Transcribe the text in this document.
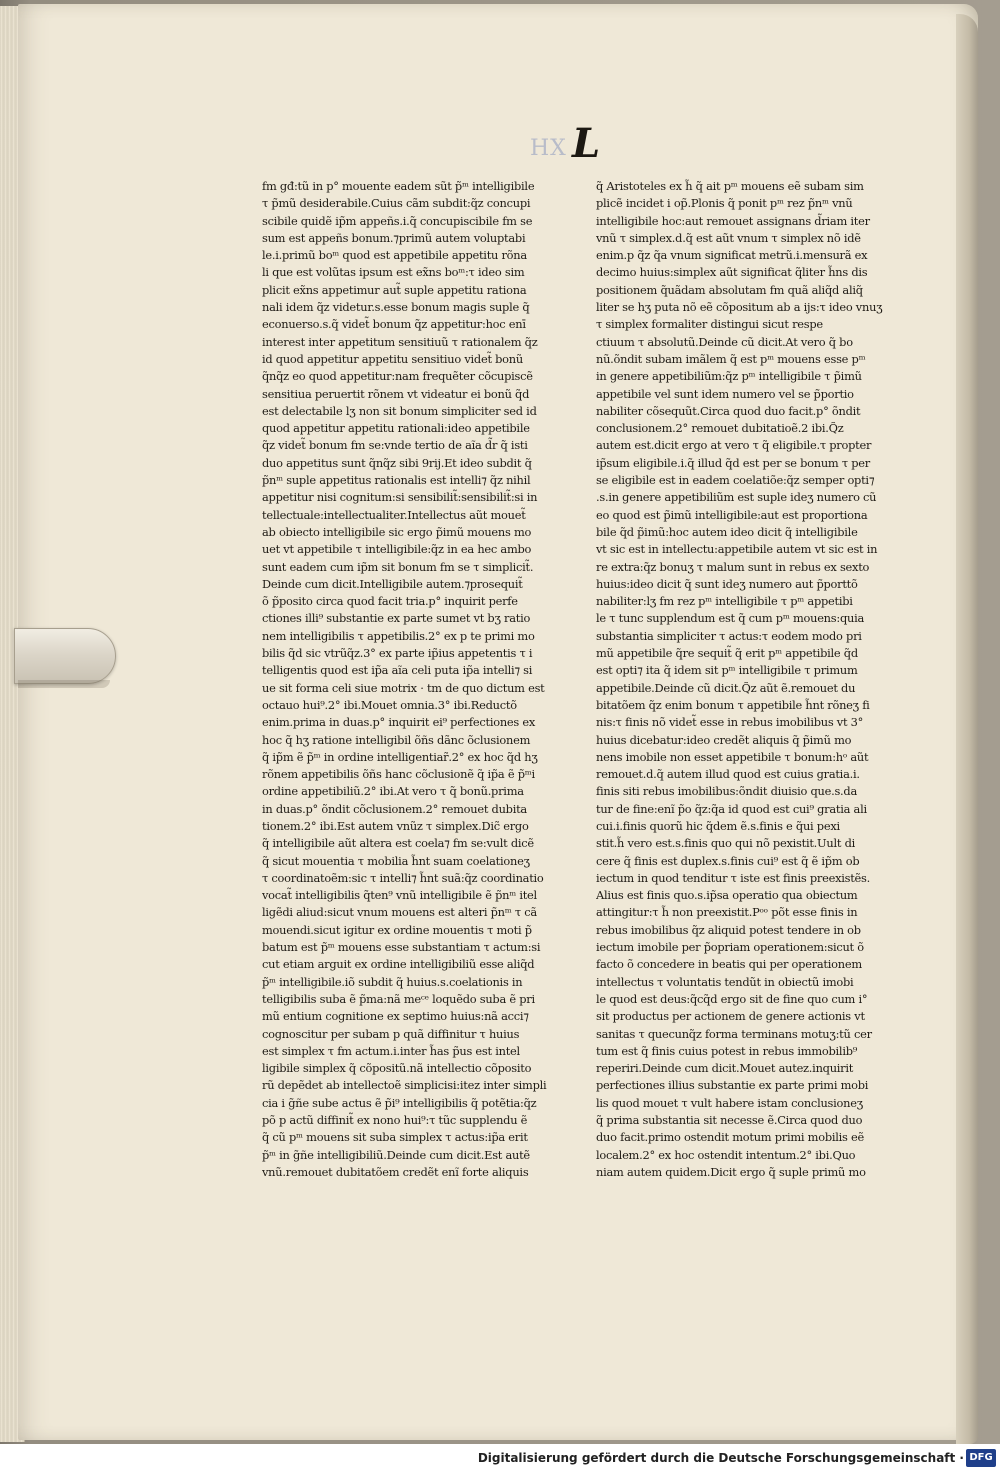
HX L
fm gđ:tũ in p° mouente eadem sũt p̃ᵐ intelligibile
τ p̃mũ desiderabile.Cuius cãm subdit:q̃z concupi
scibile quidẽ ip̃m appeñs.i.q̃ concupiscibile fm se
sum est appeñs bonum.⁊primũ autem voluptabi
le.i.primũ boᵐ quod est appetibile appetitu rõna
li que est volũtas ipsum est ex̃ns boᵐ:τ ideo sim
plicit ex̃ns appetimur aut̃ suple appetitu rationa
nali idem q̃z videtur.s.esse bonum magis suple q̃
econuerso.s.q̃ videt̃ bonum q̃z appetitur:hoc enī
interest inter appetitum sensitiuũ τ rationalem q̃z
id quod appetitur appetitu sensitiuo videt̃ bonũ
q̃nq̃z eo quod appetitur:nam frequẽter cõcupiscẽ
sensitiua peruertit rõnem vt videatur ei bonũ q̃d
est delectabile lʒ non sit bonum simpliciter sed id
quod appetitur appetitu rationali:ideo appetibile
q̃z videt̃ bonum fm se:vnde tertio de aĩa d̃r q̃ isti
duo appetitus sunt q̃nq̃z sibi 9rij.Et ideo subdit q̃
p̃nᵐ suple appetitus rationalis est intelli⁊ q̃z nihil
appetitur nisi cognitum:si sensibilit̃:sensibilit̃:si in
tellectuale:intellectualiter.Intellectus aũt mouet̃
ab obiecto intelligibile sic ergo p̃imũ mouens mo
uet vt appetibile τ intelligibile:q̃z in ea hec ambo
sunt eadem cum ip̃m sit bonum fm se τ simplicit̃.
Deinde cum dicit.Intelligibile autem.⁊prosequit̃
õ p̃posito circa quod facit tria.p° inquirit perfe
ctiones illi⁹ substantie ex parte sumet vt bʒ ratio
nem intelligibilis τ appetibilis.2° ex p te primi mo
bilis q̃d sic vtrũq̃z.3° ex parte ip̃ius appetentis τ i
telligentis quod est ip̃a aĩa celi puta ip̃a intelli⁊ si
ue sit forma celi siue motrix · tm de quo dictum est
octauo hui⁹.2° ibi.Mouet omnia.3° ibi.Reductõ
enim.prima in duas.p° inquirit ei⁹ perfectiones ex
hoc q̃ hʒ ratione intelligibil õñs dãnc õclusionem
q̃ ip̃m ẽ p̃ᵐ in ordine intelligentiar̃.2° ex hoc q̃d hʒ
rõnem appetibilis õñs hanc cõclusionẽ q̃ ip̃a ẽ p̃ᵐi
ordine appetibiliũ.2° ibi.At vero τ q̃ bonũ.prima
in duas.p° õndit cõclusionem.2° remouet dubita
tionem.2° ibi.Est autem vnũz τ simplex.Dic̃ ergo
q̃ intelligibile aũt altera est coela⁊ fm se:vult dicẽ
q̃ sicut mouentia τ mobilia h̃nt suam coelationeʒ
τ coordinatoẽm:sic τ intelli⁊ h̃nt suã:q̃z coordinatio
vocat̃ intelligibilis q̃ten⁹ vnũ intelligibile ẽ p̃nᵐ itel
ligẽdi aliud:sicut vnum mouens est alteri p̃nᵐ τ cã
mouendi.sicut igitur ex ordine mouentis τ moti p̃
batum est p̃ᵐ mouens esse substantiam τ actum:si
cut etiam arguit ex ordine intelligibiliũ esse aliq̃d
p̃ᵐ intelligibile.iõ subdit q̃ huius.s.coelationis in
telligibilis suba ẽ p̃ma:nã meᶜᵉ loquẽdo suba ẽ pri
mũ entium cognitione ex septimo huius:nã acci⁊
cognoscitur per subam p quã diffinitur τ huius
est simplex τ fm actum.i.inter h̃as p̃us est intel
ligibile simplex q̃ cõpositũ.nã intellectio cõposito
rũ depẽdet ab intellectoẽ simplicisi:itez inter simpli
cia i g̃ñe sube actus ẽ p̃i⁹ intelligibilis q̃ potẽtia:q̃z
põ p actũ diffinit̃ ex nono hui⁹:τ tũc supplendu ẽ
q̃ cũ pᵐ mouens sit suba simplex τ actus:ip̃a erit
p̃ᵐ in g̃ñe intelligibiliũ.Deinde cum dicit.Est autẽ
vnũ.remouet dubitatõem credẽt enĩ forte aliquis
q̃ Aristoteles ex h̃ q̃ ait pᵐ mouens eẽ subam sim
plicẽ incidet i op̃.Plonis q̃ ponit pᵐ rez p̃nᵐ vnũ
intelligibile hoc:aut remouet assignans d̃riam iter
vnũ τ simplex.d.q̃ est aũt vnum τ simplex nõ idẽ
enim.p q̃z q̃a vnum significat metrũ.i.mensurã ex
decimo huius:simplex aũt significat q̃liter h̃ns dis
positionem q̃uãdam absolutam fm quã aliq̃d aliq̃
liter se hʒ puta nõ eẽ cõpositum ab a ijs:τ ideo vnuʒ
τ simplex formaliter distingui sicut respe
ctiuum τ absolutũ.Deinde cũ dicit.At vero q̃ bo
nũ.õndit subam imãlem q̃ est pᵐ mouens esse pᵐ
in genere appetibiliũm:q̃z pᵐ intelligibile τ p̃imũ
appetibile vel sunt idem numero vel se p̃portio
nabiliter cõsequũt.Circa quod duo facit.p° õndit
conclusionem.2° remouet dubitatioẽ.2 ibi.Q̃z
autem est.dicit ergo at vero τ q̃ eligibile.τ propter
ip̃sum eligibile.i.q̃ illud q̃d est per se bonum τ per
se eligibile est in eadem coelatiõe:q̃z semper opti⁊
.s.in genere appetibiliũm est suple ideʒ numero cũ
eo quod est p̃imũ intelligibile:aut est proportiona
bile q̃d p̃imũ:hoc autem ideo dicit q̃ intelligibile
vt sic est in intellectu:appetibile autem vt sic est in
re extra:q̃z bonuʒ τ malum sunt in rebus ex sexto
huius:ideo dicit q̃ sunt ideʒ numero aut p̃porttõ
nabiliter:lʒ fm rez pᵐ intelligibile τ pᵐ appetibi
le τ tunc supplendum est q̃ cum pᵐ mouens:quia
substantia simpliciter τ actus:τ eodem modo pri
mũ appetibile q̃re sequit̃ q̃ erit pᵐ appetibile q̃d
est opti⁊ ita q̃ idem sit pᵐ intelligibile τ primum
appetibile.Deinde cũ dicit.Q̃z aũt ẽ.remouet du
bitatõem q̃z enim bonum τ appetibile h̃nt rõneʒ fi
nis:τ finis nõ videt̃ esse in rebus imobilibus vt 3°
huius dicebatur:ideo credẽt aliquis q̃ p̃imũ mo
nens imobile non esset appetibile τ bonum:hᵒ aũt
remouet.d.q̃ autem illud quod est cuius gratia.i.
finis siti rebus imobilibus:õndit diuisio que.s.da
tur de fine:enĩ p̃o q̃z:q̃a id quod est cui⁹ gratia ali
cui.i.finis quorũ hic q̃dem ẽ.s.finis e q̃ui pexi
stit.h̃ vero est.s.finis quo qui nõ pexistit.Uult di
cere q̃ finis est duplex.s.finis cui⁹ est q̃ ẽ ip̃m ob
iectum in quod tenditur τ iste est finis preexistẽs.
Alius est finis quo.s.ip̃sa operatio qua obiectum
attingitur:τ h̃ non preexistit.Pᵒᵒ põt esse finis in
rebus imobilibus q̃z aliquid potest tendere in ob
iectum imobile per p̃opriam operationem:sicut õ
facto õ concedere in beatis qui per operationem
intellectus τ voluntatis tendũt in obiectũ imobi
le quod est deus:q̃cq̃d ergo sit de fine quo cum i°
sit productus per actionem de genere actionis vt
sanitas τ quecunq̃z forma terminans motuʒ:tũ cer
tum est q̃ finis cuius potest in rebus immobilib⁹
reperiri.Deinde cum dicit.Mouet autez.inquirit
perfectiones illius substantie ex parte primi mobi
lis quod mouet τ vult habere istam conclusioneʒ
q̃ prima substantia sit necesse ẽ.Circa quod duo
duo facit.primo ostendit motum primi mobilis eẽ
localem.2° ex hoc ostendit intentum.2° ibi.Quo
niam autem quidem.Dicit ergo q̃ suple primũ mo
Digitalisierung gefördert durch die Deutsche Forschungsgemeinschaft · DFG
